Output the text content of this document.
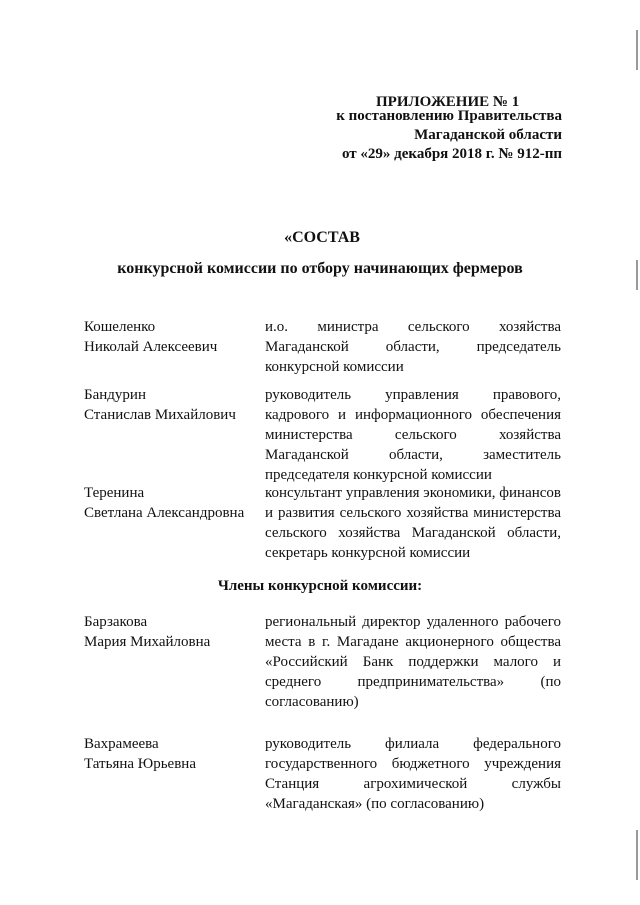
ПРИЛОЖЕНИЕ № 1
к постановлению Правительства
Магаданской области
от «29» декабря 2018 г. № 912-пп
«СОСТАВ
конкурсной комиссии по отбору начинающих фермеров
Кошеленко
Николай Алексеевич
и.о. министра сельского хозяйства Магаданской области, председатель конкурсной комиссии
Бандурин
Станислав Михайлович
руководитель управления правового, кадрового и информационного обеспечения министерства сельского хозяйства Магаданской области, заместитель председателя конкурсной комиссии
Теренина
Светлана Александровна
консультант управления экономики, финансов и развития сельского хозяйства министерства сельского хозяйства Магаданской области, секретарь конкурсной комиссии
Члены конкурсной комиссии:
Барзакова
Мария Михайловна
региональный директор удаленного рабочего места в г. Магадане акционерного общества «Российский Банк поддержки малого и среднего предпринимательства» (по согласованию)
Вахрамеева
Татьяна Юрьевна
руководитель филиала федерального государственного бюджетного учреждения Станция агрохимической службы «Магаданская» (по согласованию)
